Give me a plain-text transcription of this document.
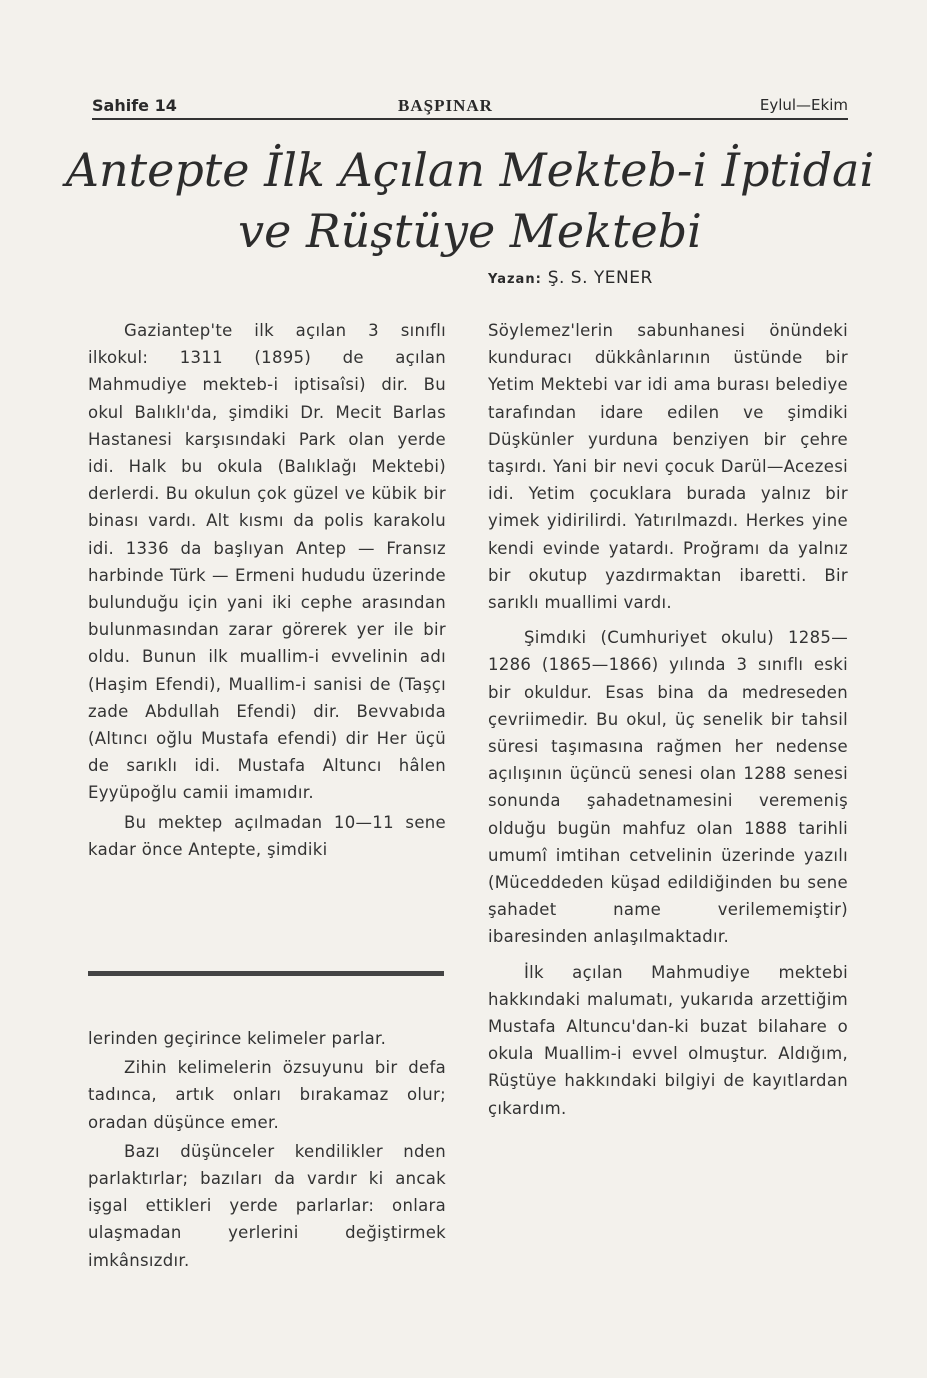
Sahife 14	BAŞPINAR	Eylul—Ekim
Antepte İlk Açılan Mekteb-i İptidai
ve Rüştüye Mektebi
Yazan: Ş. S. YENER

Gaziantep'te ilk açılan 3 sınıflı ilkokul: 1311 (1895) de açılan Mahmudiye mekteb-i iptisaîsi) dir. Bu okul Balıklı'da, şimdiki Dr. Mecit Barlas Hastanesi karşısındaki Park olan yerde idi. Halk bu okula (Balıklağı Mektebi) derlerdi. Bu okulun çok güzel ve kübik bir binası vardı. Alt kısmı da polis karakolu idi. 1336 da başlıyan Antep — Fransız harbinde Türk — Ermeni hududu üzerinde bulunduğu için yani iki cephe arasından bulunmasından zarar görerek yer ile bir oldu. Bunun ilk muallim-i evvelinin adı (Haşim Efendi), Muallim-i sanisi de (Taşçı zade Abdullah Efendi) dir. Bevvabıda (Altıncı oğlu Mustafa efendi) dir Her üçü de sarıklı idi. Mustafa Altuncı hâlen Eyyüpoğlu camii imamıdır.

Bu mektep açılmadan 10—11 sene kadar önce Antepte, şimdiki

lerinden geçirince kelimeler parlar.

Zihin kelimelerin özsuyunu bir defa tadınca, artık onları bırakamaz olur; oradan düşünce emer.

Bazı düşünceler kendilikler nden parlaktırlar; bazıları da vardır ki ancak işgal ettikleri yerde parlarlar: onlara ulaşmadan yerlerini değiştirmek imkânsızdır.

Söylemez'lerin sabunhanesi önündeki kunduracı dükkânlarının üstünde bir Yetim Mektebi var idi ama burası belediye tarafından idare edilen ve şimdiki Düşkünler yurduna benziyen bir çehre taşırdı. Yani bir nevi çocuk Darül—Acezesi idi. Yetim çocuklara burada yalnız bir yimek yidirilirdi. Yatırılmazdı. Herkes yine kendi evinde yatardı. Proğramı da yalnız bir okutup yazdırmaktan ibaretti. Bir sarıklı muallimi vardı.

Şimdıki (Cumhuriyet okulu) 1285—1286 (1865—1866) yılında 3 sınıflı eski bir okuldur. Esas bina da medreseden çevriimedir. Bu okul, üç senelik bir tahsil süresi taşımasına rağmen her nedense açılışının üçüncü senesi olan 1288 senesi sonunda şahadetnamesini veremeniş olduğu bugün mahfuz olan 1888 tarihli umumî imtihan cetvelinin üzerinde yazılı (Müceddeden küşad edildiğinden bu sene şahadet name verilememiştir) ibaresinden anlaşılmaktadır.

İlk açılan Mahmudiye mektebi hakkındaki malumatı, yukarıda arzettiğim Mustafa Altuncu'dan-ki buzat bilahare o okula Muallim-i evvel olmuştur. Aldığım, Rüştüye hakkındaki bilgiyi de kayıtlardan çıkardım.
